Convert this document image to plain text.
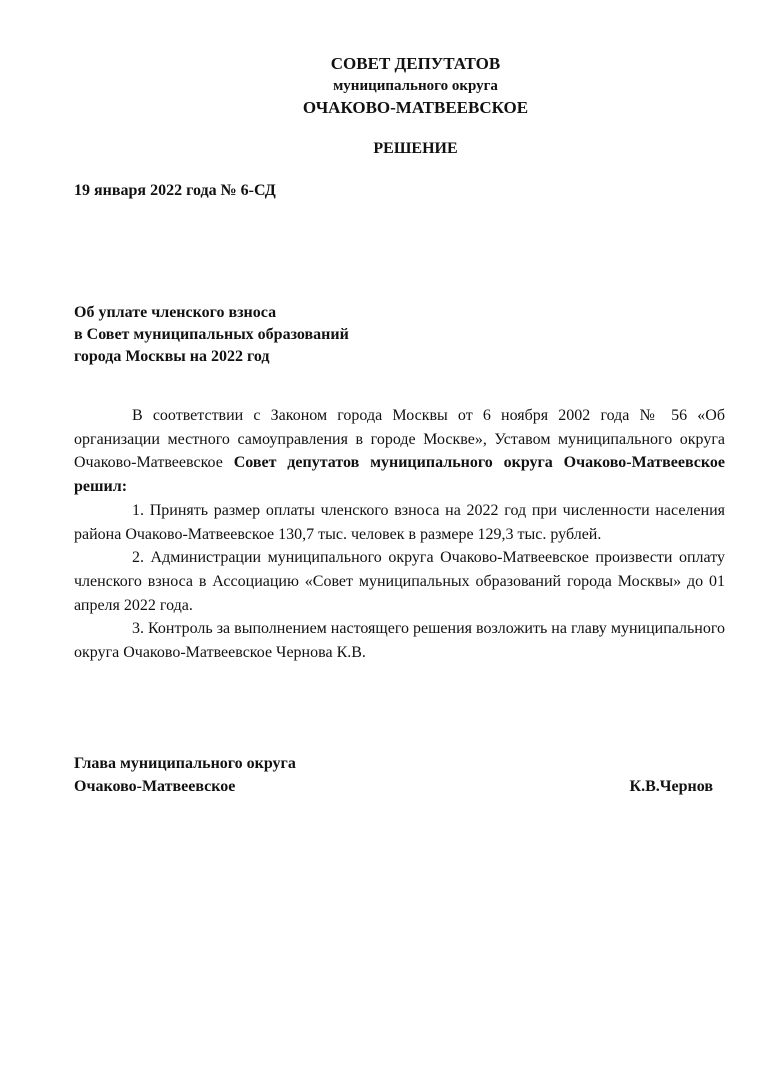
СОВЕТ ДЕПУТАТОВ
муниципального округа
ОЧАКОВО-МАТВЕЕВСКОЕ
РЕШЕНИЕ
19 января 2022 года № 6-СД
Об уплате членского взноса
в Совет муниципальных образований
города Москвы на 2022 год

В соответствии с Законом города Москвы от 6 ноября 2002 года № 56 «Об организации местного самоуправления в городе Москве», Уставом муниципального округа Очаково-Матвеевское Совет депутатов муниципального округа Очаково-Матвеевское решил:

1. Принять размер оплаты членского взноса на 2022 год при численности населения района Очаково-Матвеевское 130,7 тыс. человек в размере 129,3 тыс. рублей.

2. Администрации муниципального округа Очаково-Матвеевское произвести оплату членского взноса в Ассоциацию «Совет муниципальных образований города Москвы» до 01 апреля 2022 года.

3. Контроль за выполнением настоящего решения возложить на главу муниципального округа Очаково-Матвеевское Чернова К.В.

Глава муниципального округа
Очаково-Матвеевское	К.В.Чернов
